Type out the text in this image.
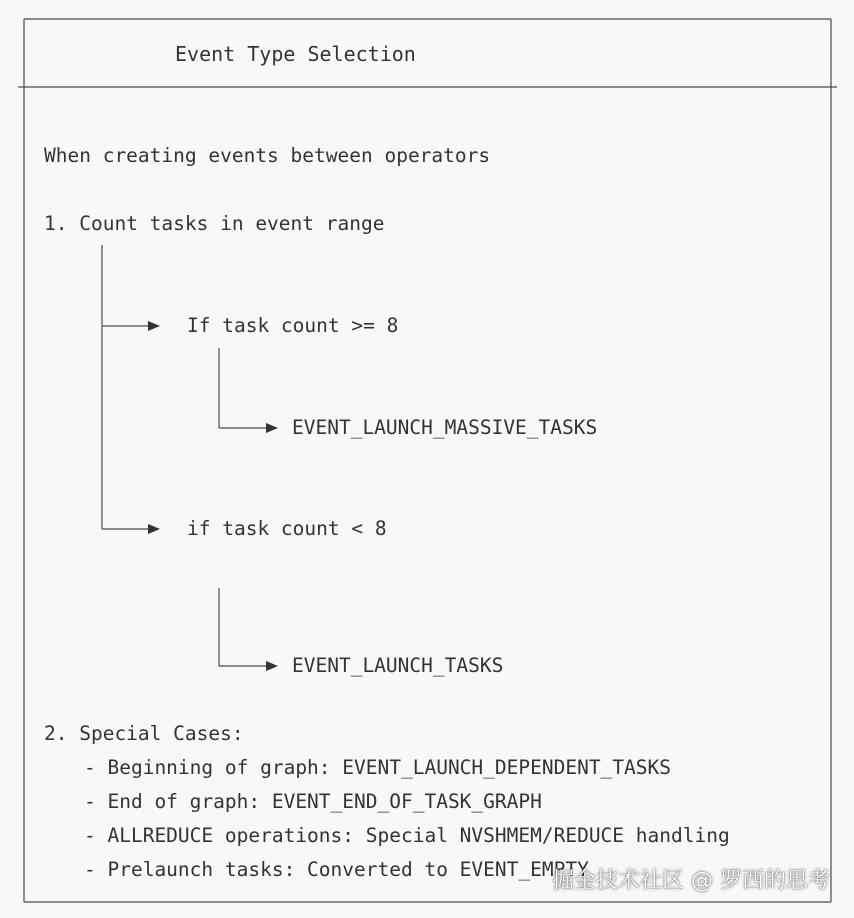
Event Type Selection
When creating events between operators
1. Count tasks in event range
If task count >= 8
EVENT_LAUNCH_MASSIVE_TASKS
if task count < 8
EVENT_LAUNCH_TASKS
2. Special Cases:
- Beginning of graph: EVENT_LAUNCH_DEPENDENT_TASKS
- End of graph: EVENT_END_OF_TASK_GRAPH
- ALLREDUCE operations: Special NVSHMEM/REDUCE handling
- Prelaunch tasks: Converted to EVENT_EMPTY
掘金技术社区 @ 罗西的思考
